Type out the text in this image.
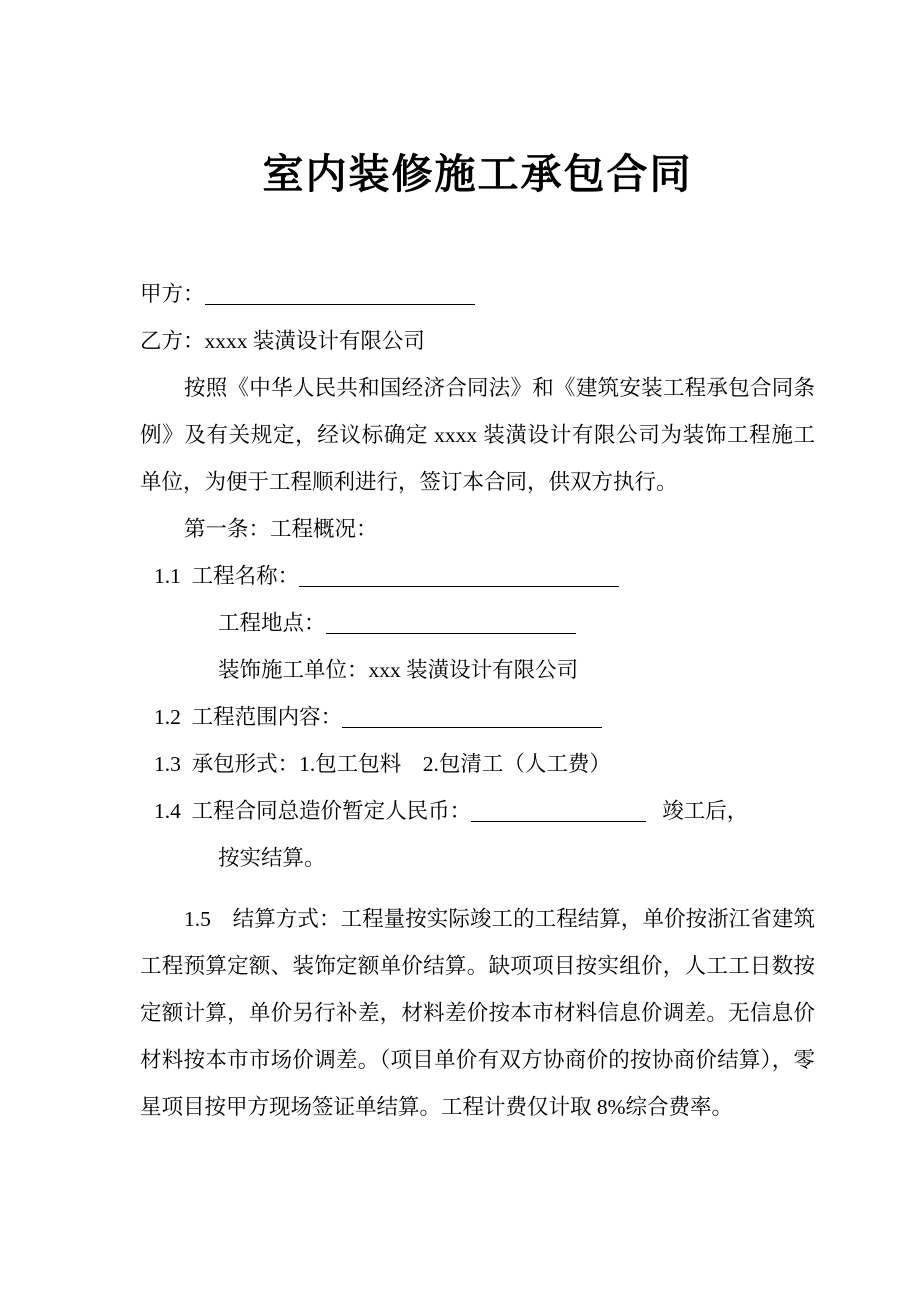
室内装修施工承包合同

甲方：

乙方：xxxx 装潢设计有限公司

按照《中华人民共和国经济合同法》和《建筑安装工程承包合同条例》及有关规定，经议标确定 xxxx 装潢设计有限公司为装饰工程施工单位，为便于工程顺利进行，签订本合同，供双方执行。

第一条：工程概况：

1.1 工程名称：

工程地点：

装饰施工单位：xxx 装潢设计有限公司

1.2 工程范围内容：

1.3 承包形式：1.包工包料　2.包清工（人工费）

1.4 工程合同总造价暂定人民币：	竣工后，

按实结算。

1.5 结算方式：工程量按实际竣工的工程结算，单价按浙江省建筑工程预算定额、装饰定额单价结算。缺项项目按实组价，人工工日数按定额计算，单价另行补差，材料差价按本市材料信息价调差。无信息价材料按本市市场价调差。（项目单价有双方协商价的按协商价结算），零星项目按甲方现场签证单结算。工程计费仅计取 8%综合费率。
